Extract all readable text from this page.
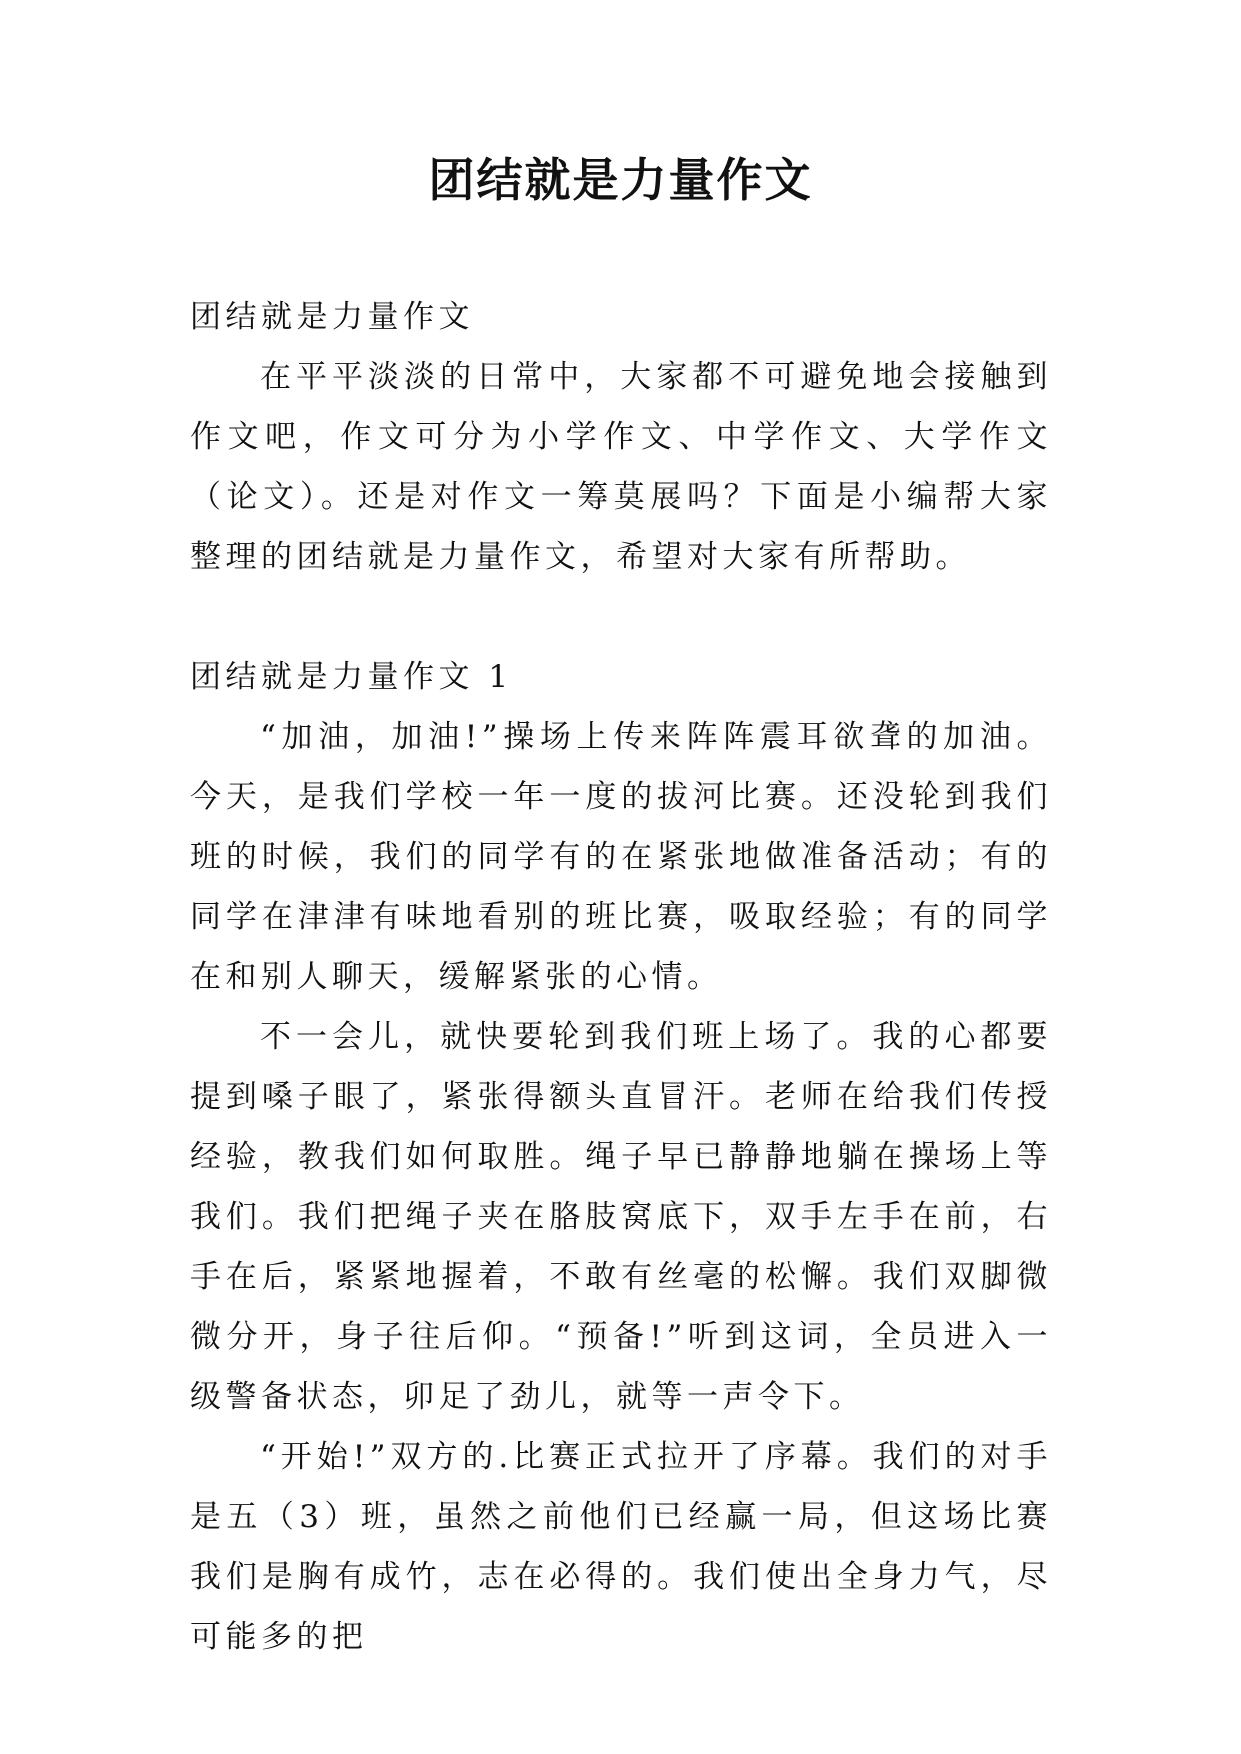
团结就是力量作文

团结就是力量作文

在平平淡淡的日常中，大家都不可避免地会接触到作文吧，作文可分为小学作文、中学作文、大学作文（论文）。还是对作文一筹莫展吗？下面是小编帮大家整理的团结就是力量作文，希望对大家有所帮助。

团结就是力量作文 1

“加油，加油!”操场上传来阵阵震耳欲聋的加油。今天，是我们学校一年一度的拔河比赛。还没轮到我们班的时候，我们的同学有的在紧张地做准备活动；有的同学在津津有味地看别的班比赛，吸取经验；有的同学在和别人聊天，缓解紧张的心情。

不一会儿，就快要轮到我们班上场了。我的心都要提到嗓子眼了，紧张得额头直冒汗。老师在给我们传授经验，教我们如何取胜。绳子早已静静地躺在操场上等我们。我们把绳子夹在胳肢窝底下，双手左手在前，右手在后，紧紧地握着，不敢有丝毫的松懈。我们双脚微微分开，身子往后仰。“预备!”听到这词，全员进入一级警备状态，卯足了劲儿，就等一声令下。

“开始!”双方的.比赛正式拉开了序幕。我们的对手是五（3）班，虽然之前他们已经赢一局，但这场比赛我们是胸有成竹，志在必得的。我们使出全身力气，尽可能多的把
